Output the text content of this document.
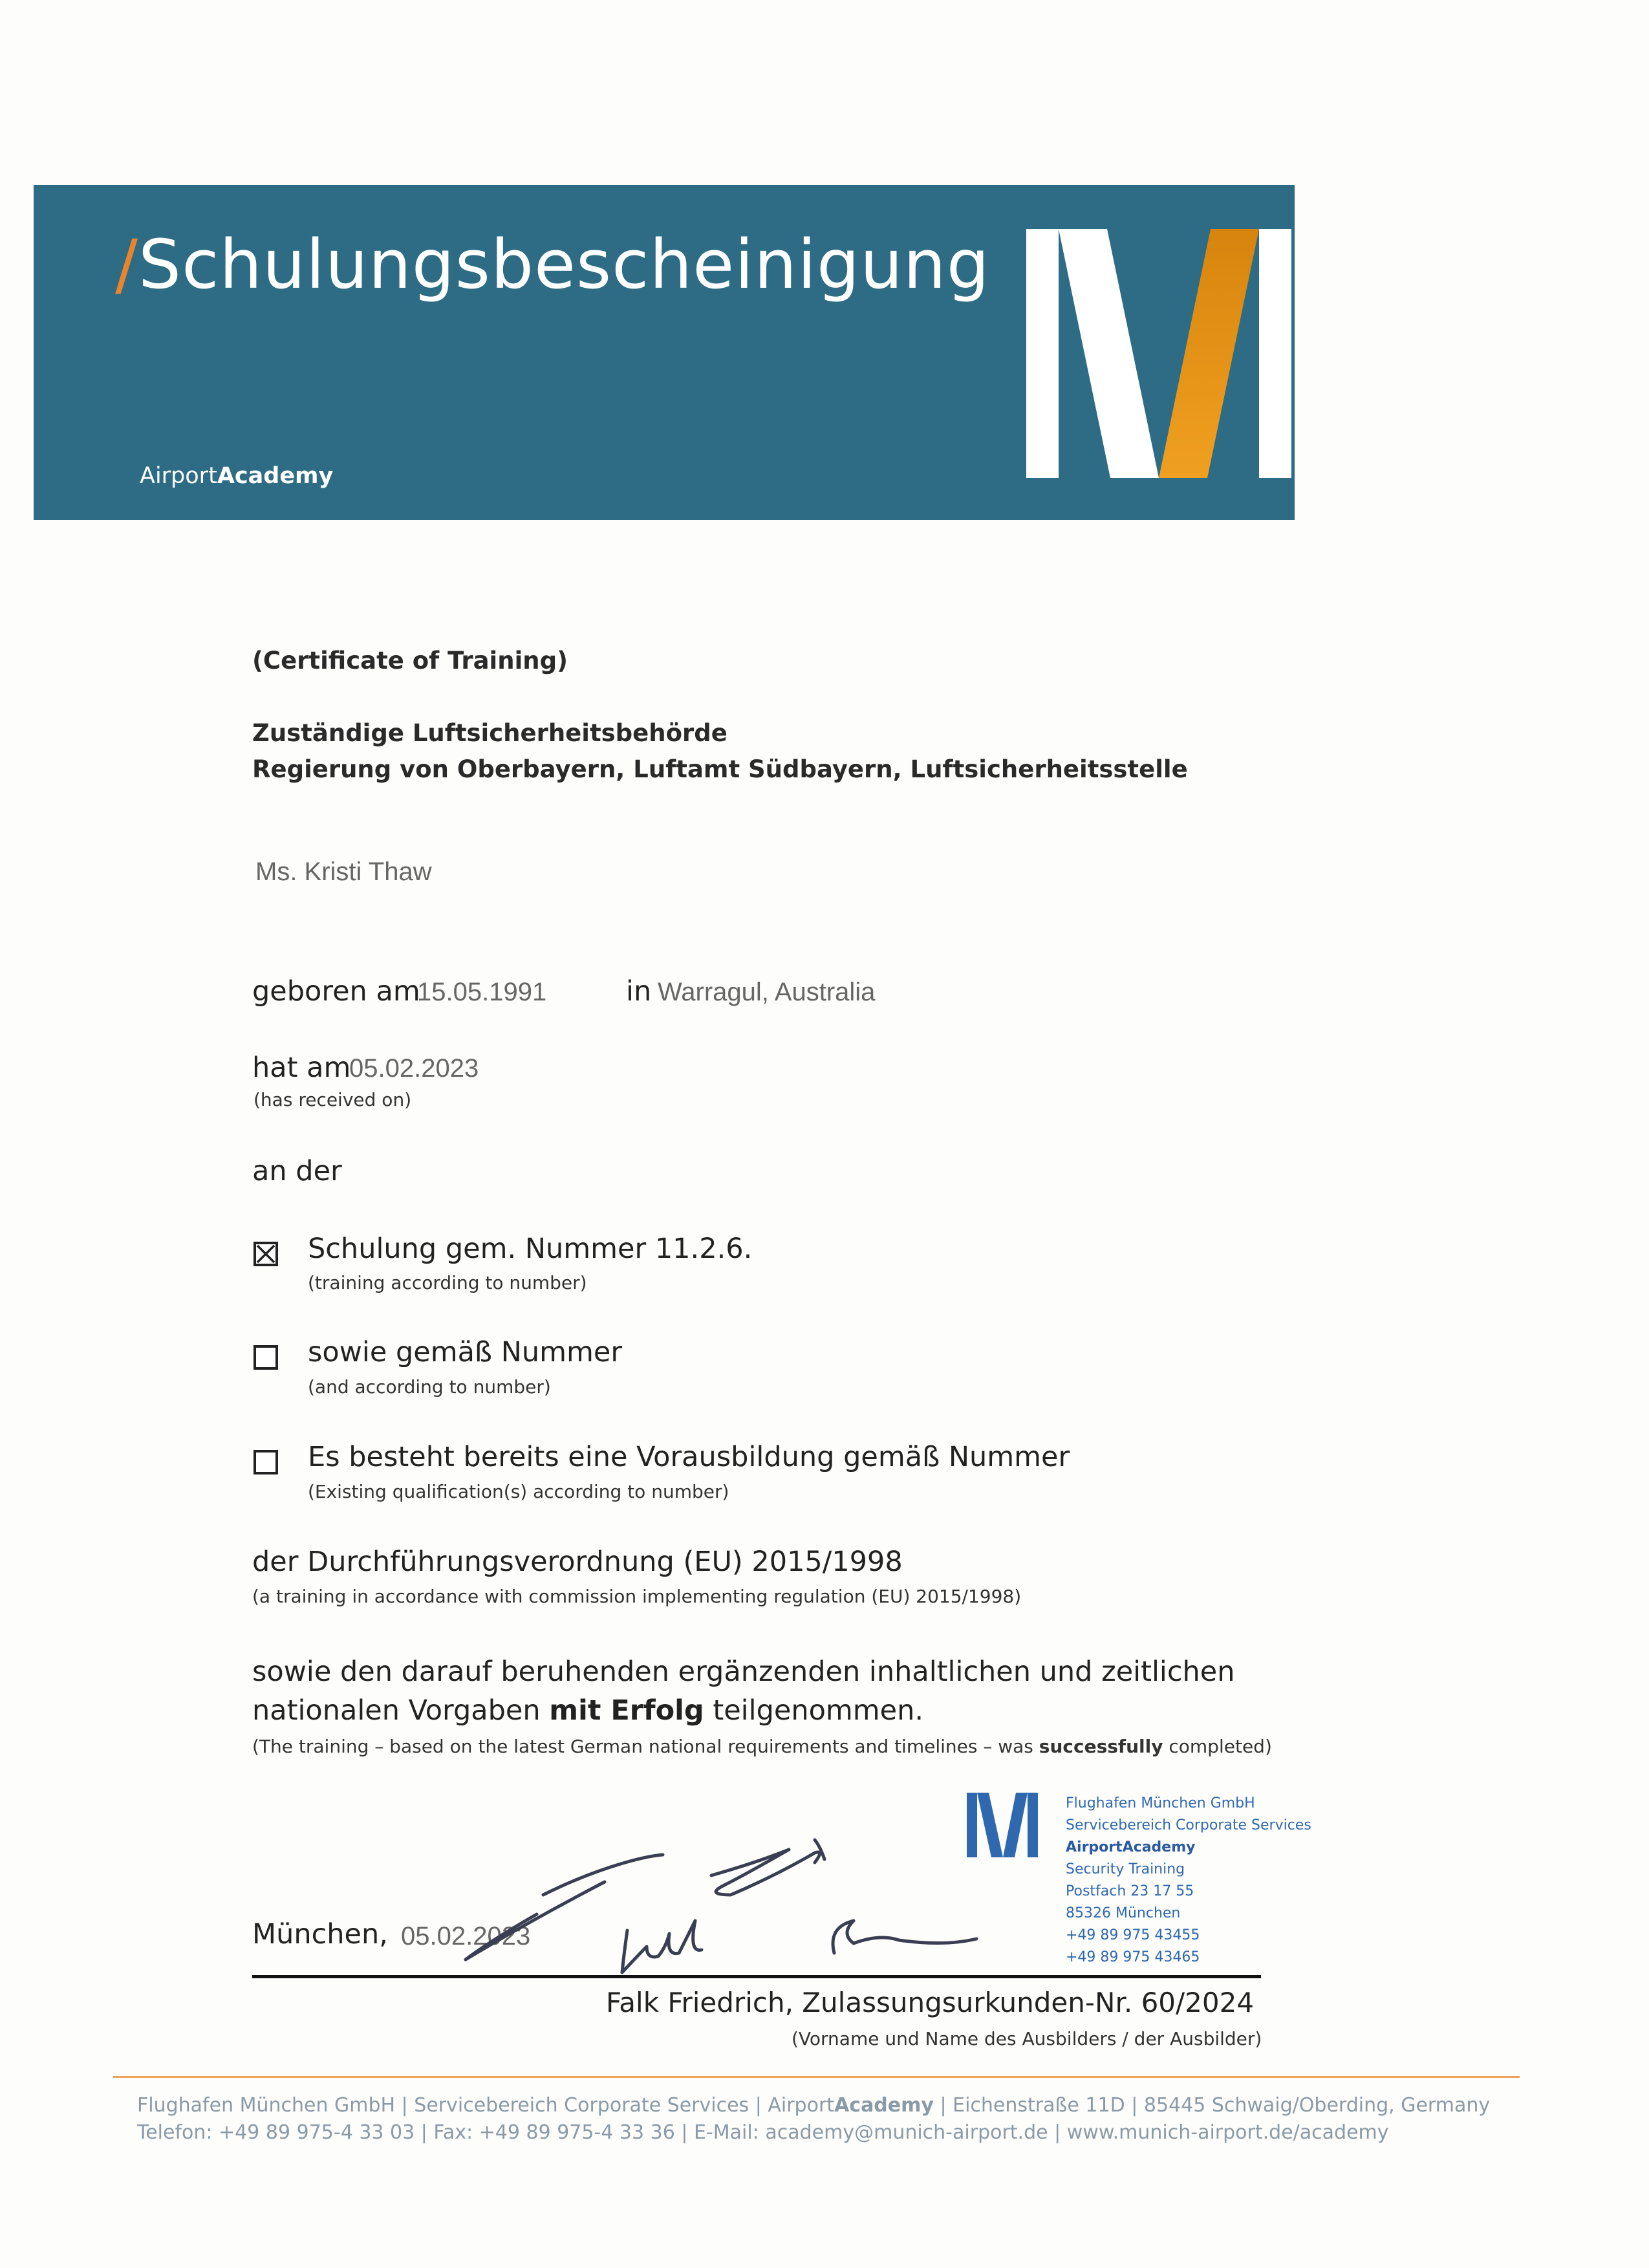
/Schulungsbescheinigung
AirportAcademy
(Certificate of Training)
Zuständige Luftsicherheitsbehörde
Regierung von Oberbayern, Luftamt Südbayern, Luftsicherheitsstelle
Ms. Kristi Thaw
geboren am
15.05.1991	in Warragul, Australia
hat am
05.02.2023
(has received on)
an der
Schulung gem. Nummer 11.2.6.
(training according to number)
sowie gemäß Nummer
(and according to number)
Es besteht bereits eine Vorausbildung gemäß Nummer
(Existing qualification(s) according to number)
der Durchführungsverordnung (EU) 2015/1998
(a training in accordance with commission implementing regulation (EU) 2015/1998)
sowie den darauf beruhenden ergänzenden inhaltlichen und zeitlichen
nationalen Vorgaben mit Erfolg teilgenommen.
(The training – based on the latest German national requirements and timelines – was successfully completed)
Flughafen München GmbH
Servicebereich Corporate Services
AirportAcademy
Security Training
Postfach 23 17 55
85326 München
+49 89 975 43455
+49 89 975 43465
München, 05.02.2023
Falk Friedrich, Zulassungsurkunden-Nr. 60/2024
(Vorname und Name des Ausbilders / der Ausbilder)
Flughafen München GmbH | Servicebereich Corporate Services | AirportAcademy | Eichenstraße 11D | 85445 Schwaig/Oberding, Germany
Telefon: +49 89 975-4 33 03 | Fax: +49 89 975-4 33 36 | E-Mail: academy@munich-airport.de | www.munich-airport.de/academy
